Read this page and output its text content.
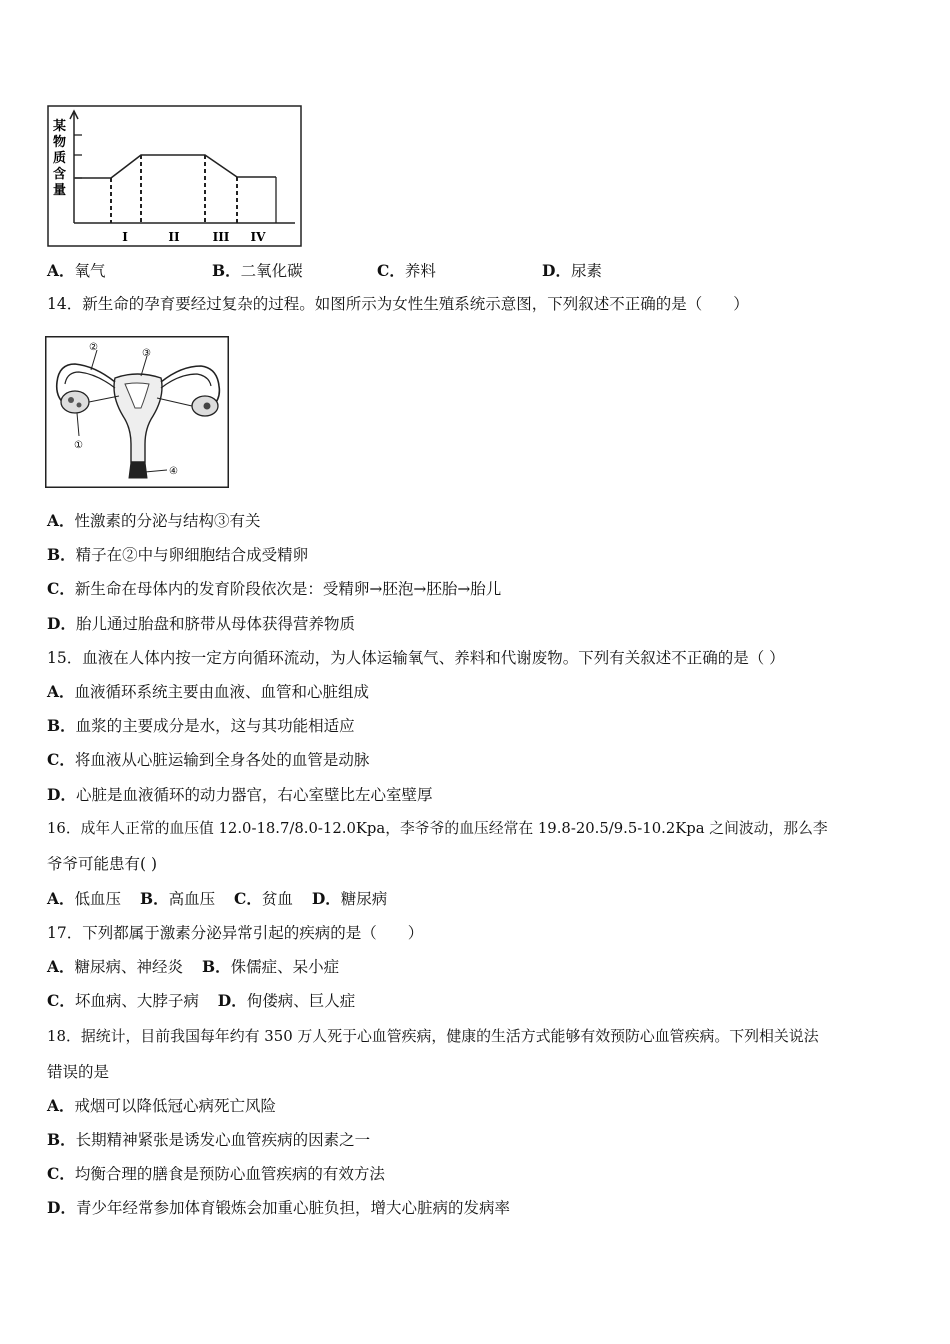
某
物
质
含
量
I	II	III IV
A．氧气	B．二氧化碳	C．养料	D．尿素
14．新生命的孕育要经过复杂的过程。如图所示为女性生殖系统示意图，下列叙述不正确的是（　　）
②
③
①
④
A．性激素的分泌与结构③有关
B．精子在②中与卵细胞结合成受精卵
C．新生命在母体内的发育阶段依次是：受精卵→胚泡→胚胎→胎儿
D．胎儿通过胎盘和脐带从母体获得营养物质
15．血液在人体内按一定方向循环流动，为人体运输氧气、养料和代谢废物。下列有关叙述不正确的是（ ）
A．血液循环系统主要由血液、血管和心脏组成
B．血浆的主要成分是水，这与其功能相适应
C．将血液从心脏运输到全身各处的血管是动脉
D．心脏是血液循环的动力器官，右心室壁比左心室壁厚
16．成年人正常的血压值 12.0-18.7/8.0-12.0Kpa，李爷爷的血压经常在 19.8-20.5/9.5-10.2Kpa 之间波动，那么李
爷爷可能患有( )
A．低血压 B．高血压 C．贫血 D．糖尿病
17．下列都属于激素分泌异常引起的疾病的是（　　）
A．糖尿病、神经炎 B．侏儒症、呆小症
C．坏血病、大脖子病 D．佝偻病、巨人症
18．据统计，目前我国每年约有 350 万人死于心血管疾病，健康的生活方式能够有效预防心血管疾病。下列相关说法
错误的是
A．戒烟可以降低冠心病死亡风险
B．长期精神紧张是诱发心血管疾病的因素之一
C．均衡合理的膳食是预防心血管疾病的有效方法
D．青少年经常参加体育锻炼会加重心脏负担，增大心脏病的发病率
